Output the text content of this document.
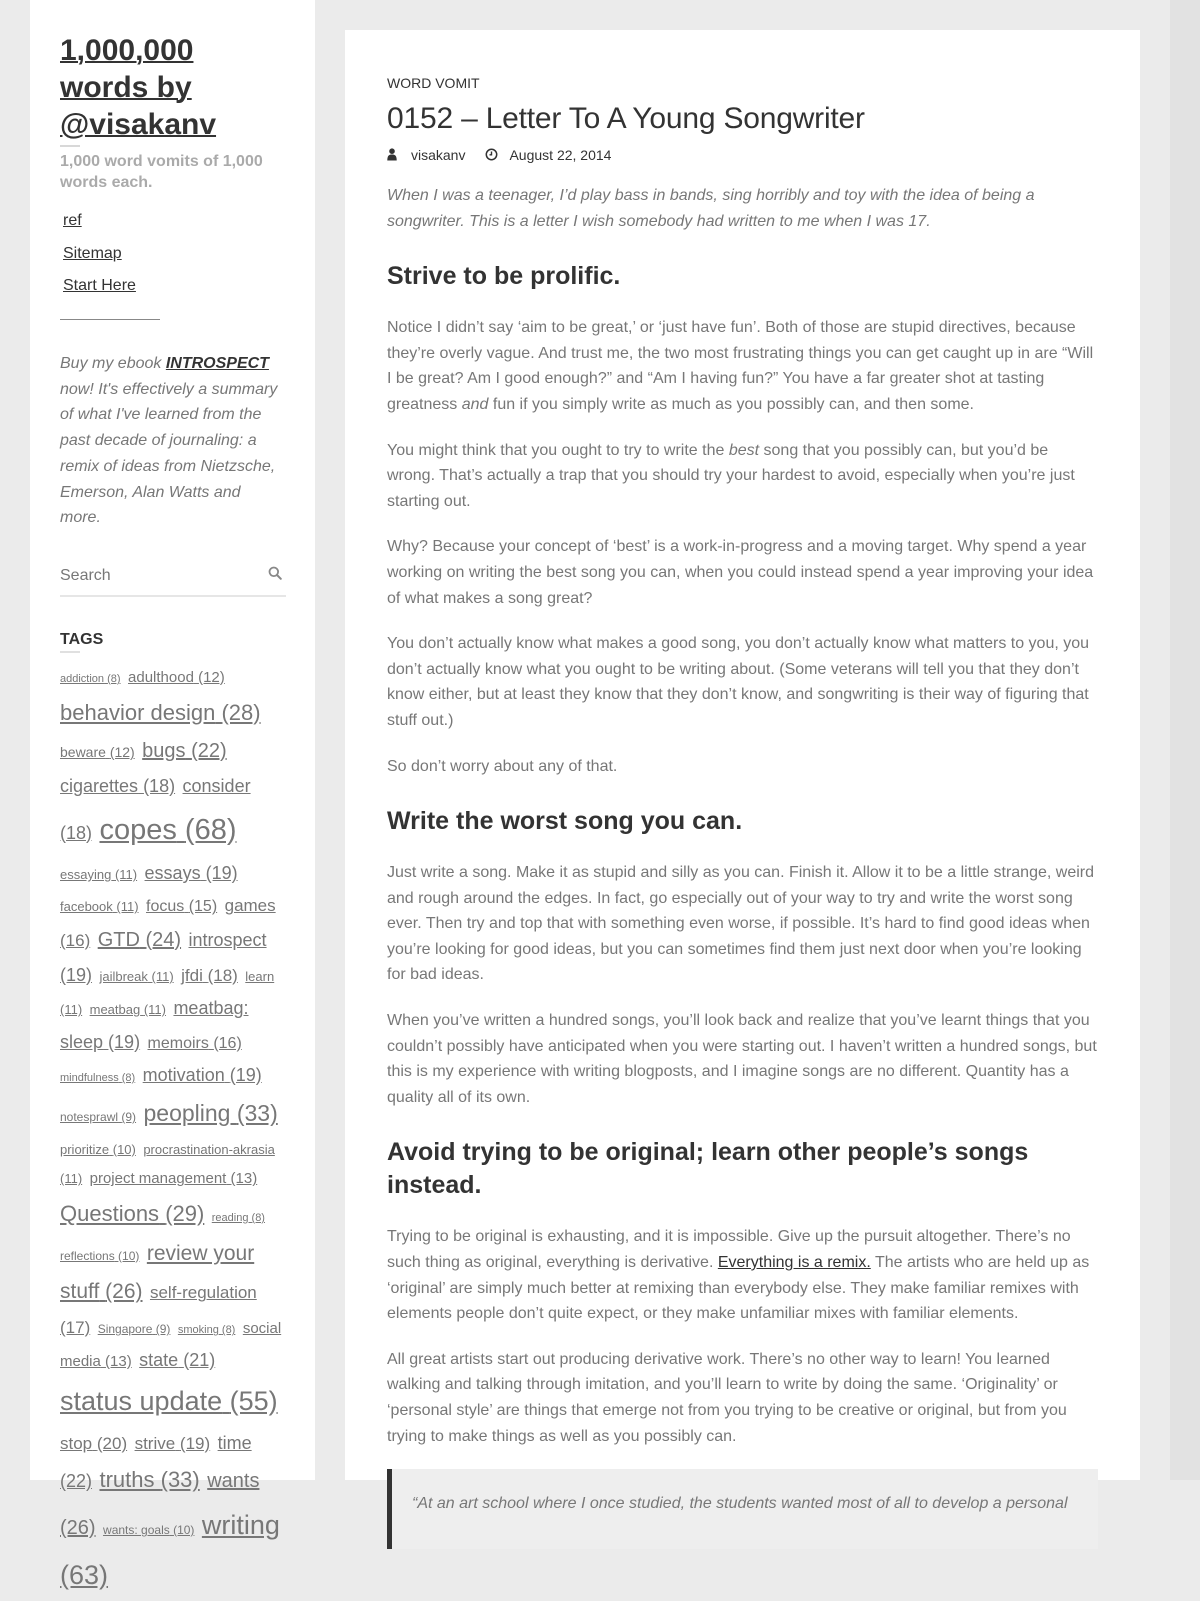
1,000,000 words by @visakanv
1,000 word vomits of 1,000 words each.
ref
Sitemap
Start Here
Buy my ebook INTROSPECT now! It's effectively a summary of what I've learned from the past decade of journaling: a remix of ideas from Nietzsche, Emerson, Alan Watts and more.
Search
TAGS
addiction (8) adulthood (12) behavior design (28) beware (12) bugs (22) cigarettes (18) consider (18) copes (68) essaying (11) essays (19) facebook (11) focus (15) games (16) GTD (24) introspect (19) jailbreak (11) jfdi (18) learn (11) meatbag (11) meatbag: sleep (19) memoirs (16) mindfulness (8) motivation (19) notesprawl (9) peopling (33) prioritize (10) procrastination-akrasia (11) project management (13) Questions (29) reading (8) reflections (10) review your stuff (26) self-regulation (17) Singapore (9) smoking (8) social media (13) state (21) status update (55) stop (20) strive (19) time (22) truths (33) wants (26) wants: goals (10) writing (63)
WORD VOMIT
0152 – Letter To A Young Songwriter
visakanv	August 22, 2014
When I was a teenager, I’d play bass in bands, sing horribly and toy with the idea of being a songwriter. This is a letter I wish somebody had written to me when I was 17.
Strive to be prolific.

Notice I didn’t say ‘aim to be great,’ or ‘just have fun’. Both of those are stupid directives, because they’re overly vague. And trust me, the two most frustrating things you can get caught up in are “Will I be great? Am I good enough?” and “Am I having fun?” You have a far greater shot at tasting greatness and fun if you simply write as much as you possibly can, and then some.

You might think that you ought to try to write the best song that you possibly can, but you’d be wrong. That’s actually a trap that you should try your hardest to avoid, especially when you’re just starting out.

Why? Because your concept of ‘best’ is a work-in-progress and a moving target. Why spend a year working on writing the best song you can, when you could instead spend a year improving your idea of what makes a song great?

You don’t actually know what makes a good song, you don’t actually know what matters to you, you don’t actually know what you ought to be writing about. (Some veterans will tell you that they don’t know either, but at least they know that they don’t know, and songwriting is their way of figuring that stuff out.)

So don’t worry about any of that.

Write the worst song you can.

Just write a song. Make it as stupid and silly as you can. Finish it. Allow it to be a little strange, weird and rough around the edges. In fact, go especially out of your way to try and write the worst song ever. Then try and top that with something even worse, if possible. It’s hard to find good ideas when you’re looking for good ideas, but you can sometimes find them just next door when you’re looking for bad ideas.

When you’ve written a hundred songs, you’ll look back and realize that you’ve learnt things that you couldn’t possibly have anticipated when you were starting out. I haven’t written a hundred songs, but this is my experience with writing blogposts, and I imagine songs are no different. Quantity has a quality all of its own.

Avoid trying to be original; learn other people’s songs instead.

Trying to be original is exhausting, and it is impossible. Give up the pursuit altogether. There’s no such thing as original, everything is derivative. Everything is a remix. The artists who are held up as ‘original’ are simply much better at remixing than everybody else. They make familiar remixes with elements people don’t quite expect, or they make unfamiliar mixes with familiar elements.

All great artists start out producing derivative work. There’s no other way to learn! You learned walking and talking through imitation, and you’ll learn to write by doing the same. ‘Originality’ or ‘personal style’ are things that emerge not from you trying to be creative or original, but from you trying to make things as well as you possibly can.

“At an art school where I once studied, the students wanted most of all to develop a personal
